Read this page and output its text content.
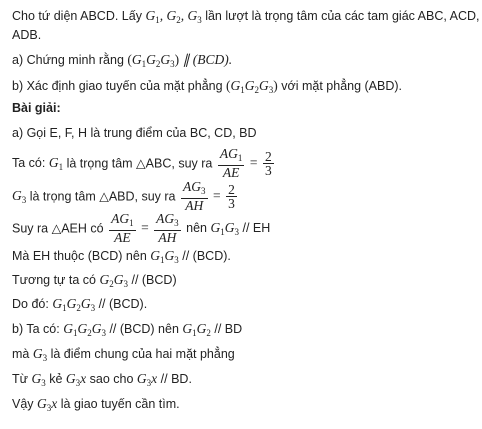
Cho tứ diện ABCD. Lấy $G_1$, $G_2$, $G_3$ lần lượt là trọng tâm của các tam giác ABC, ACD,
ADB.
a) Chứng minh rằng $(G_1G_2G_3)$ ∥ (BCD).
b) Xác định giao tuyến của mặt phẳng $(G_1G_2G_3)$ với mặt phẳng (ABD).
Bài giải:
a) Gọi E, F, H là trung điểm của BC, CD, BD
Ta có: $G_1$ là trọng tâm △ABC, suy ra $\frac{AG_1}{AE} = \frac{2}{3}$
$G_3$ là trọng tâm △ABD, suy ra $\frac{AG_3}{AH} = \frac{2}{3}$
Suy ra △AEH có $\frac{AG_1}{AE} = \frac{AG_3}{AH}$ nên $G_1G_3$ // EH
Mà EH thuộc (BCD) nên $G_1G_3 // (BCD)$.
Tương tự ta có $G_2G_3 // (BCD)$
Do đó: $G_1G_2G_3 // (BCD)$.
b) Ta có: $G_1G_2G_3 // (BCD)$ nên $G_1G_2$ // BD
mà $G_3$ là điểm chung của hai mặt phẳng
Từ $G_3$ kẻ $G_3x$ sao cho $G_3x$ // BD.
Vậy $G_3x$ là giao tuyến cần tìm.
